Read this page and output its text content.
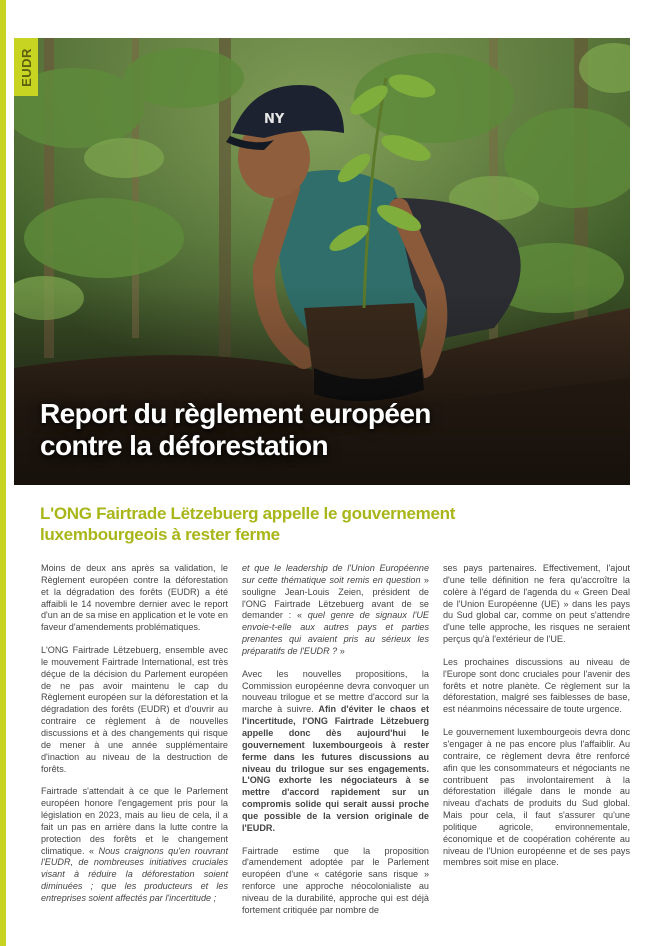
Report du règlement européen
contre la déforestation
EUDR
L'ONG Fairtrade Lëtzebuerg appelle le gouvernement
luxembourgeois à rester ferme

Moins de deux ans après sa validation, le Règlement européen contre la déforestation et la dégradation des forêts (EUDR) a été affaibli le 14 novembre dernier avec le report d'un an de sa mise en application et le vote en faveur d'amendements problématiques.

L'ONG Fairtrade Lëtzebuerg, ensemble avec le mouvement Fairtrade International, est très déçue de la décision du Parlement européen de ne pas avoir maintenu le cap du Règlement européen sur la déforestation et la dégradation des forêts (EUDR) et d'ouvrir au contraire ce règlement à de nouvelles discussions et à des changements qui risque de mener à une année supplémentaire d'inaction au niveau de la destruction de forêts.

Fairtrade s'attendait à ce que le Parlement européen honore l'engagement pris pour la législation en 2023, mais au lieu de cela, il a fait un pas en arrière dans la lutte contre la protection des forêts et le changement climatique. « Nous craignons qu'en rouvrant l'EUDR, de nombreuses initiatives cruciales visant à réduire la déforestation soient diminuées ; que les producteurs et les entreprises soient affectés par l'incertitude ;

et que le leadership de l'Union Européenne sur cette thématique soit remis en question » souligne Jean-Louis Zeien, président de l'ONG Fairtrade Lëtzebuerg avant de se demander : « quel genre de signaux l'UE envoie-t-elle aux autres pays et parties prenantes qui avaient pris au sérieux les préparatifs de l'EUDR ? »

Avec les nouvelles propositions, la Commission européenne devra convoquer un nouveau trilogue et se mettre d'accord sur la marche à suivre. Afin d'éviter le chaos et l'incertitude, l'ONG Fairtrade Lëtzebuerg appelle donc dès aujourd'hui le gouvernement luxembourgeois à rester ferme dans les futures discussions au niveau du trilogue sur ses engagements. L'ONG exhorte les négociateurs à se mettre d'accord rapidement sur un compromis solide qui serait aussi proche que possible de la version originale de l'EUDR.

Fairtrade estime que la proposition d'amendement adoptée par le Parlement européen d'une « catégorie sans risque » renforce une approche néocolonialiste au niveau de la durabilité, approche qui est déjà fortement critiquée par nombre de

ses pays partenaires. Effectivement, l'ajout d'une telle définition ne fera qu'accroître la colère à l'égard de l'agenda du « Green Deal de l'Union Européenne (UE) » dans les pays du Sud global car, comme on peut s'attendre d'une telle approche, les risques ne seraient perçus qu'à l'extérieur de l'UE.

Les prochaines discussions au niveau de l'Europe sont donc cruciales pour l'avenir des forêts et notre planète. Ce règlement sur la déforestation, malgré ses faiblesses de base, est néanmoins nécessaire de toute urgence.

Le gouvernement luxembourgeois devra donc s'engager à ne pas encore plus l'affaiblir. Au contraire, ce règlement devra être renforcé afin que les consommateurs et négociants ne contribuent pas involontairement à la déforestation illégale dans le monde au niveau d'achats de produits du Sud global. Mais pour cela, il faut s'assurer qu'une politique agricole, environnementale, économique et de coopération cohérente au niveau de l'Union européenne et de ses pays membres soit mise en place.
